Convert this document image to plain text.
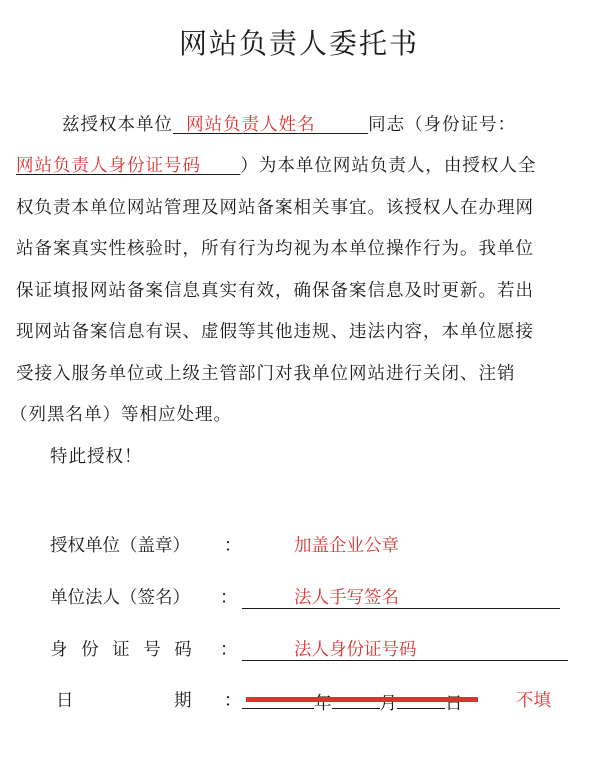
网站负责人委托书
兹授权本单位 网站负责人姓名	同志（身份证号：
网站负责人身份证号码 ）为本单位网站负责人，由授权人全
权负责本单位网站管理及网站备案相关事宜。该授权人在办理网
站备案真实性核验时，所有行为均视为本单位操作行为。我单位
保证填报网站备案信息真实有效，确保备案信息及时更新。若出
现网站备案信息有误、虚假等其他违规、违法内容，本单位愿接
受接入服务单位或上级主管部门对我单位网站进行关闭、注销
（列黑名单）等相应处理。
特此授权！
授权单位（盖章） ：	加盖企业公章
单位法人（签名） ：	法人手写签名
身 份 证 号 码 ：	法人身份证号码
日	期 ：	年	月	日	不填
